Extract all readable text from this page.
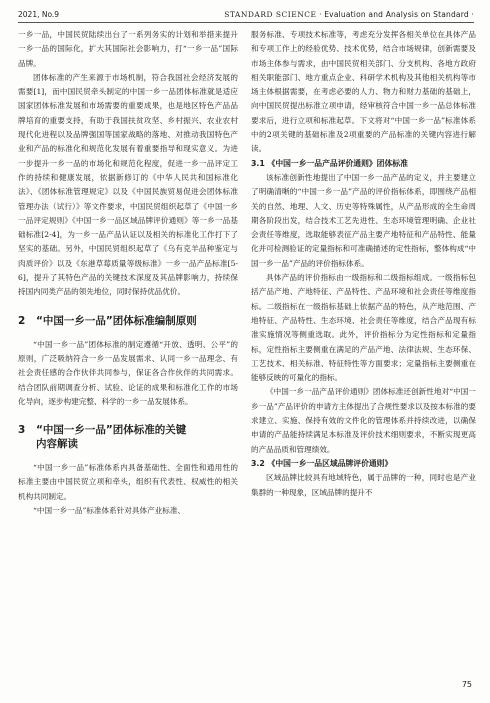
2021, No.9	STANDARD SCIENCE · Evaluation and Analysis on Standard ·

一乡一品，中国民贸陆续出台了一系列务实的计划和举措来提升一乡一品的国际化，扩大其国际社会影响力，打“一乡一品”国际品牌。

团体标准的产生来源于市场机制，符合我国社会经济发展的需要[1]，而中国民贸牵头制定的中国一乡一品团体标准就是适应国家团体标准发展和市场需要的重要成果，也是地区特色产品品牌培育的重要支持，有助于我国扶贫攻坚、乡村振兴、农业农村现代化进程以及品牌强国等国家战略的落地、对推动我国特色产业和产品的标准化和规范化发展有着重要指导和现实意义。为进一步提升一乡一品的市场化和规范化程度，促进一乡一品评定工作的持续和健康发展，依据新修订的《中华人民共和国标准化法》、《团体标准管理规定》以及《中国民族贸易促进会团体标准管理办法（试行）》等文件要求，中国民贸组织起草了《中国一乡一品评定规则》《中国一乡一品区域品牌评价通则》等一乡一品基础标准[2-4]，为一乡一品产品认证以及相关的标准化工作打下了坚实的基础。另外，中国民贸组织起草了《乌有克羊品种鉴定与肉质评价》以及《东港草莓质量等级标准》一乡一品产品标准[5-6]，提升了其特色产品的关键技术深度及其品牌影响力，持续保持国内同类产品的领先地位，同时保持优品优价。

2 “中国一乡一品”团体标准编制原则

“中国一乡一品”团体标准的制定遵循“开放、透明、公平”的原则，广泛吸纳符合一乡一品发展需求、认同一乡一品理念、有社会责任感的合作伙伴共同参与，保证各合作伙伴的共同需求。结合团队前期调查分析、试验、论证的成果和标准化工作的市场化导向，逐步构建完整、科学的一乡一品发展体系。

3 “中国一乡一品”团体标准的关键
内容解读

“中国一乡一品”标准体系内具备基础性、全面性和通用性的标准主要由中国民贸立项和牵头，组织有代表性、权威性的相关机构共同制定。

“中国一乡一品”标准体系针对具体产业标准、

服务标准、专项技术标准等，考虑充分发挥各相关单位在具体产品和专项工作上的经验优势、技术优势，结合市场规律，创新需要及市场主体参与需求，由中国民贸相关部门、分支机构、各地方政府相关职能部门、地方重点企业、科研学术机构及其他相关机构等市场主体根据需要，在考虑必要的人力、物力和财力基础的基础上，向中国民贸提出标准立项申请，经审核符合中国一乡一品总体标准要求后，进行立项和标准起草。下文将对“中国一乡一品”标准体系中的2项关键的基础标准及2项重要的产品标准的关键内容进行解读。

3.1 《中国一乡一品产品评价通则》团体标准

该标准创新性地提出了中国一乡一品产品的定义，并主要建立了明确清晰的“中国一乡一品”产品的评价指标体系，即围绕产品相关的自然、地理、人文、历史等特殊属性，从产品形成的全生命周期各阶段出发，结合技术工艺先进性、生态环境管理明确、企业社会责任等维度，选取能够表征产品主要产地特征和产品特性、能量化并可检测验证的定量指标和可准确描述的定性指标，整体构成“中国一乡一品”产品的评价指标体系。

具体产品的评价指标由一级指标和二级指标组成。一级指标包括产品产地、产地特征、产品特性、产品环境和社会责任等维度指标。二级指标在一级指标基础上依据产品的特色，从产地范围、产地特征、产品特性、生态环境、社会责任等维度，结合产品现有标准实施情况等侧重选取。此外，评价指标分为定性指标和定量指标，定性指标主要侧重在满足的产品产地、法律法规、生态环保、工艺技术、相关标准、特征特性等方面要求；定量指标主要侧重在能够反映的可量化的指标。

《中国一乡一品产品评价通则》团体标准还创新性地对“中国一乡一品”产品评价的申请方主体提出了合规性要求以及按本标准的要求建立、实施、保持有效的文件化的管理体系并持续改进，以确保申请的产品能持续满足本标准及评价技术细则要求，不断实现更高的产品品质和管理绩效。

3.2 《中国一乡一品区域品牌评价通则》

区域品牌比较具有地域特色，属于品牌的一种，同时也是产业集群的一种现象，区域品牌的提升不

75
